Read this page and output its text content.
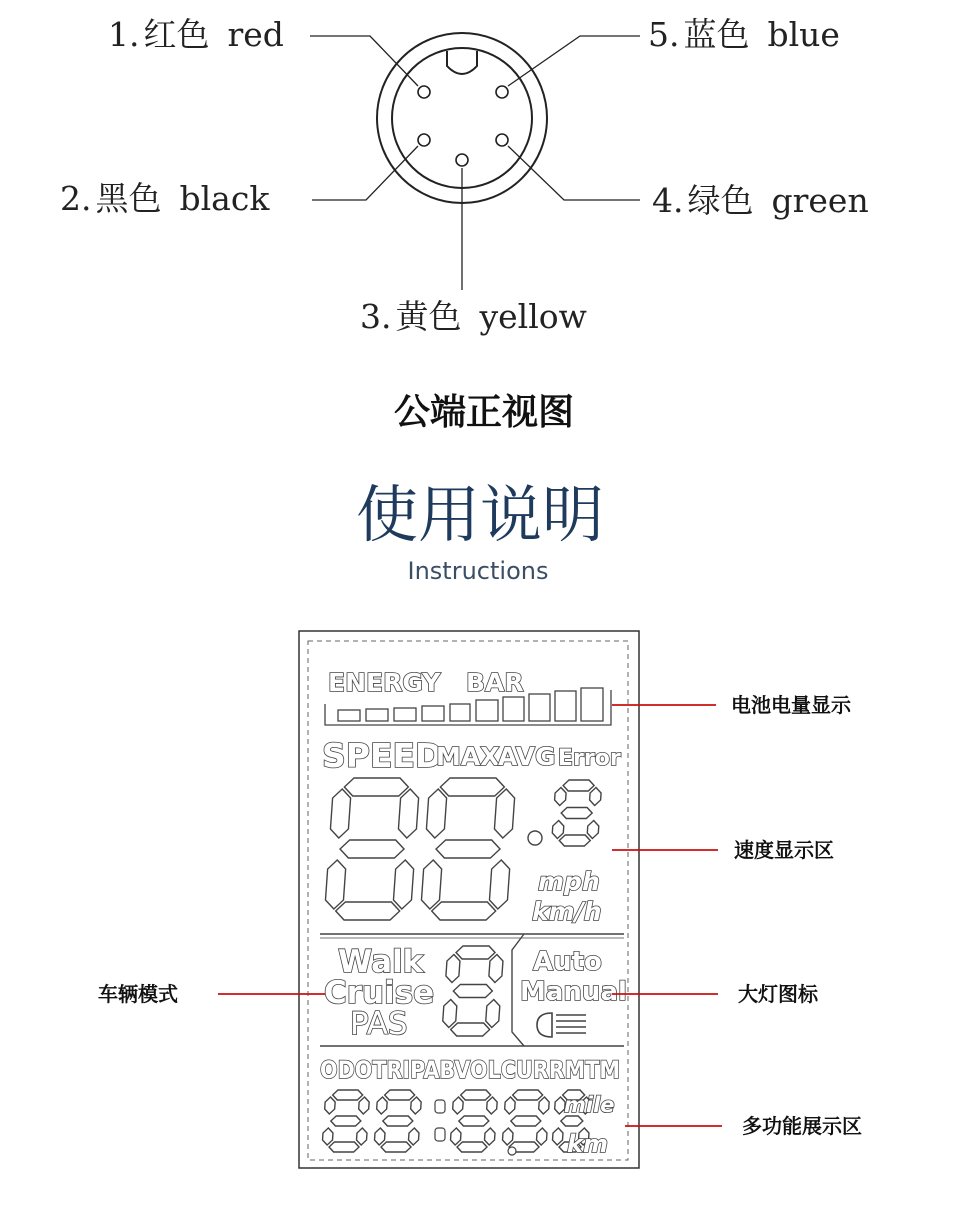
1. 红色 red	5. 蓝色 blue
2. 黑色 black	4. 绿色 green
3. 黄色 yellow
公端正视图
使用说明
Instructions
ENERGY BAR
SPEED
MAX
AVG Error
mph
km/h
Walk
Cruise
PAS
Auto
Manual
ODOTRIPABVOLCURRMTM
mile
km
电池电量显示
速度显示区
车辆模式	大灯图标
多功能展示区
